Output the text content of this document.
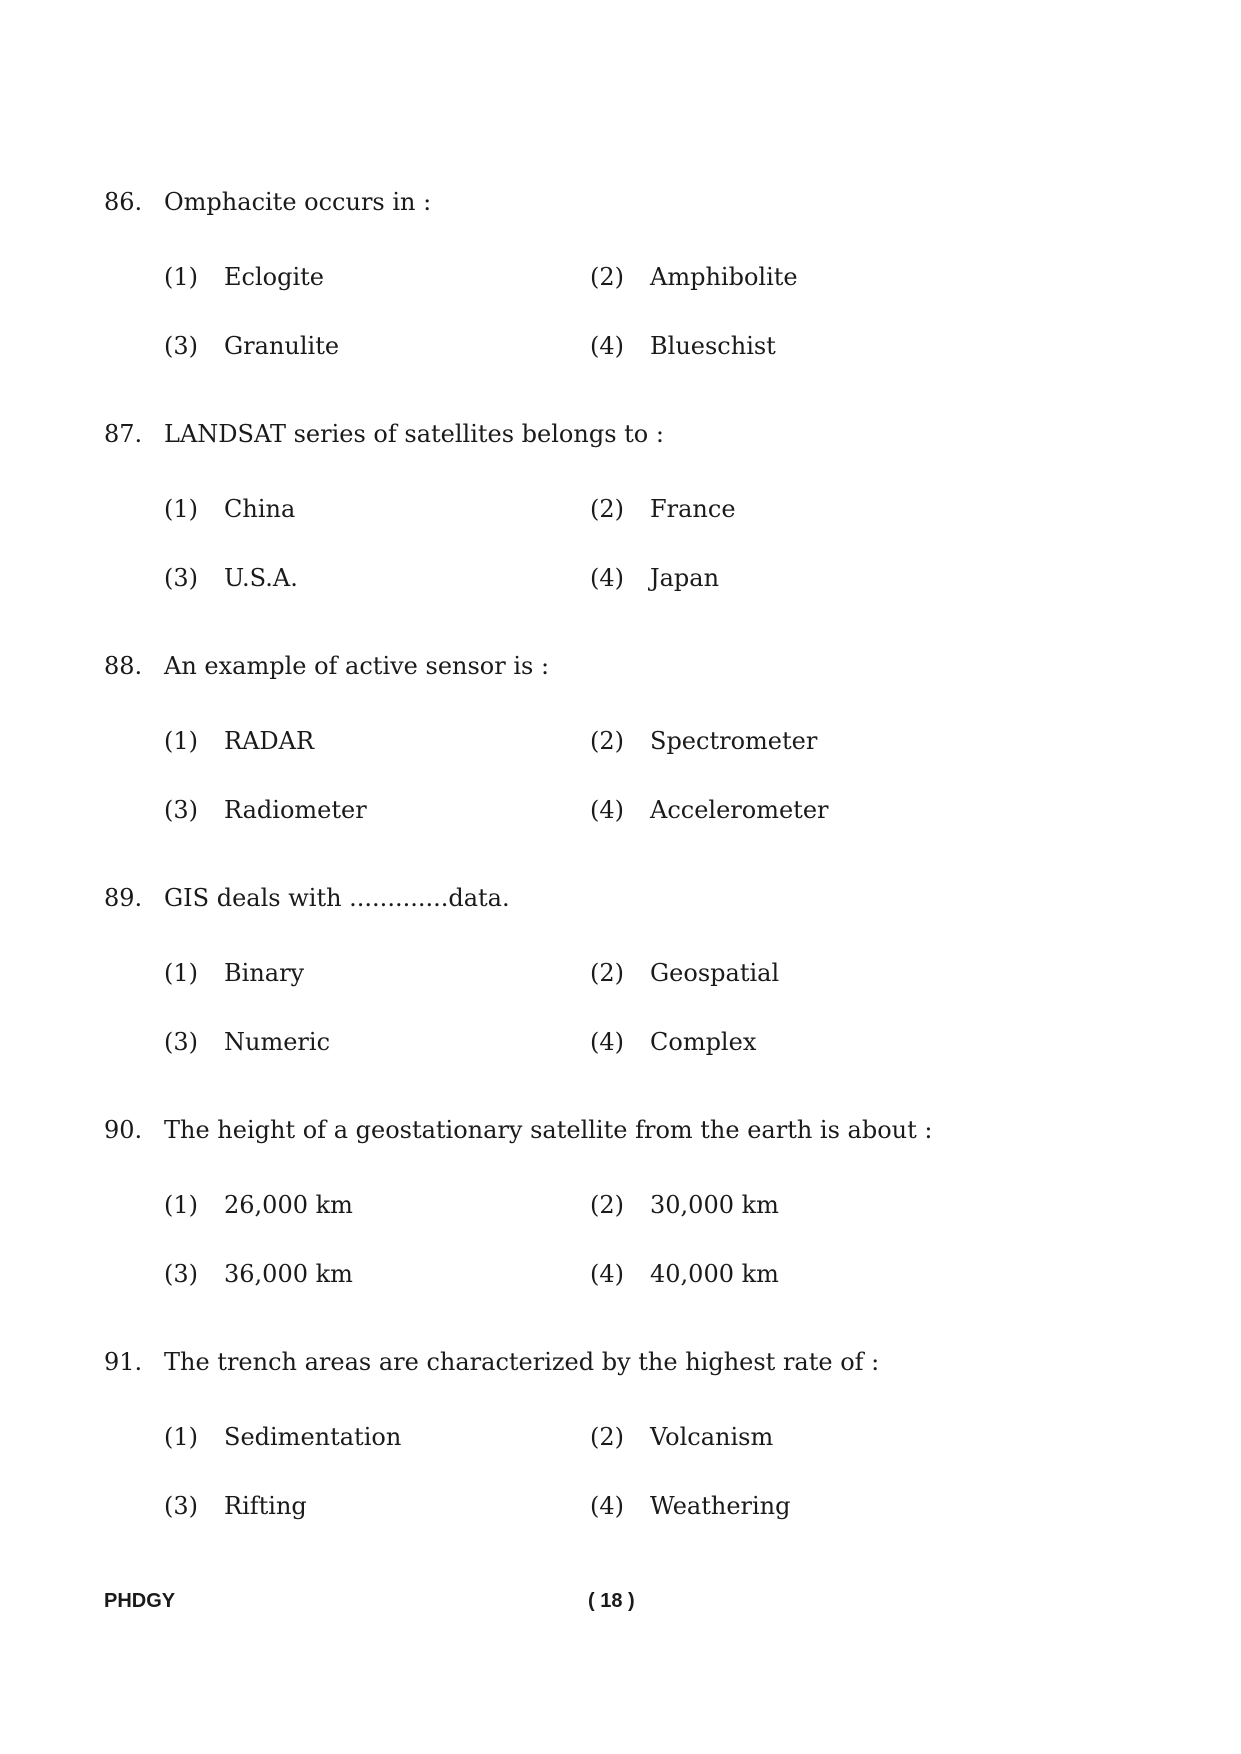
86. Omphacite occurs in :
(1) Eclogite	(2) Amphibolite
(3) Granulite	(4) Blueschist
87. LANDSAT series of satellites belongs to :
(1) China	(2) France
(3) U.S.A.	(4) Japan
88. An example of active sensor is :
(1) RADAR	(2) Spectrometer
(3) Radiometer	(4) Accelerometer
89. GIS deals with .............data.
(1) Binary	(2) Geospatial
(3) Numeric	(4) Complex
90. The height of a geostationary satellite from the earth is about :
(1) 26,000 km	(2) 30,000 km
(3) 36,000 km	(4) 40,000 km
91. The trench areas are characterized by the highest rate of :
(1) Sedimentation	(2) Volcanism
(3) Rifting	(4) Weathering
PHDGY	( 18 )
